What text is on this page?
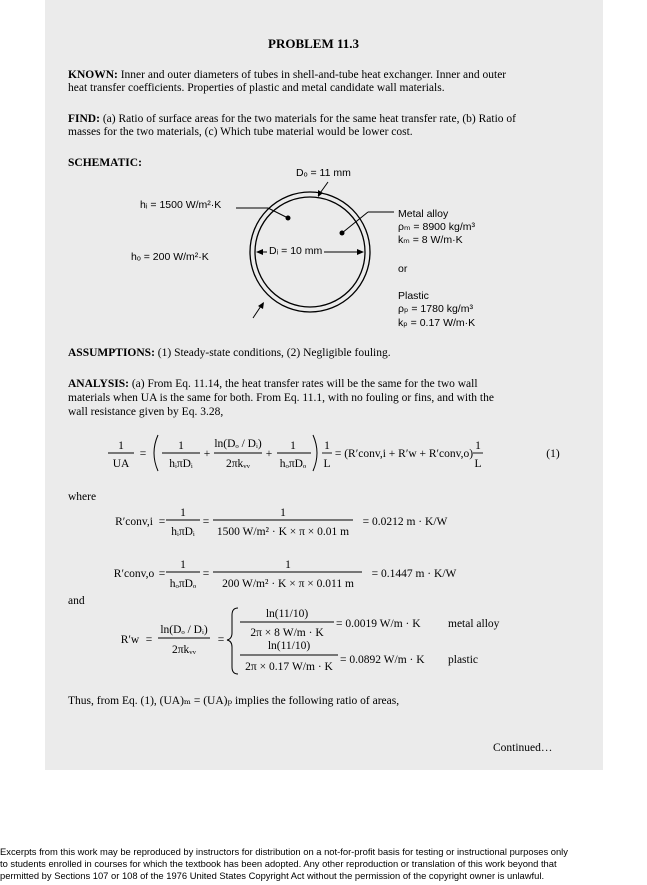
PROBLEM 11.3
KNOWN: Inner and outer diameters of tubes in shell-and-tube heat exchanger. Inner and outer
heat transfer coefficients. Properties of plastic and metal candidate wall materials.
FIND: (a) Ratio of surface areas for the two materials for the same heat transfer rate, (b) Ratio of
masses for the two materials, (c) Which tube material would be lower cost.
SCHEMATIC:
Dₒ = 11 mm
hᵢ = 1500 W/m²·K
hₒ = 200 W/m²·K	Dᵢ = 10 mm
Metal alloy
ρₘ = 8900 kg/m³
kₘ = 8 W/m·K
or
Plastic
ρₚ = 1780 kg/m³
kₚ = 0.17 W/m·K
ASSUMPTIONS: (1) Steady-state conditions, (2) Negligible fouling.
ANALYSIS: (a) From Eq. 11.14, the heat transfer rates will be the same for the two wall
materials when UA is the same for both. From Eq. 11.1, with no fouling or fins, and with the
wall resistance given by Eq. 3.28,
1
UA
=
1
hᵢπDᵢ
+
ln(Dₒ / Dᵢ)
2πkᵥᵥ
+
1
hₒπDₒ
1
L
= (R′conv,i + R′w + R′conv,o)
1
L
(1)
where
R′conv,i =
1
hᵢπDᵢ
=
1
1500 W/m² · K × π × 0.01 m
= 0.0212 m · K/W
R′conv,o =
1
hₒπDₒ
=
1
200 W/m² · K × π × 0.011 m
= 0.1447 m · K/W
and
R′w =
ln(Dₒ / Dᵢ)
2πkᵥᵥ
=
ln(11/10)
2π × 8 W/m · K
= 0.0019 W/m · K metal alloy
ln(11/10)
2π × 0.17 W/m · K
= 0.0892 W/m · K plastic
Thus, from Eq. (1), (UA)ₘ = (UA)ₚ implies the following ratio of areas,
Continued…
Excerpts from this work may be reproduced by instructors for distribution on a not-for-profit basis for testing or instructional purposes only
to students enrolled in courses for which the textbook has been adopted. Any other reproduction or translation of this work beyond that
permitted by Sections 107 or 108 of the 1976 United States Copyright Act without the permission of the copyright owner is unlawful.
